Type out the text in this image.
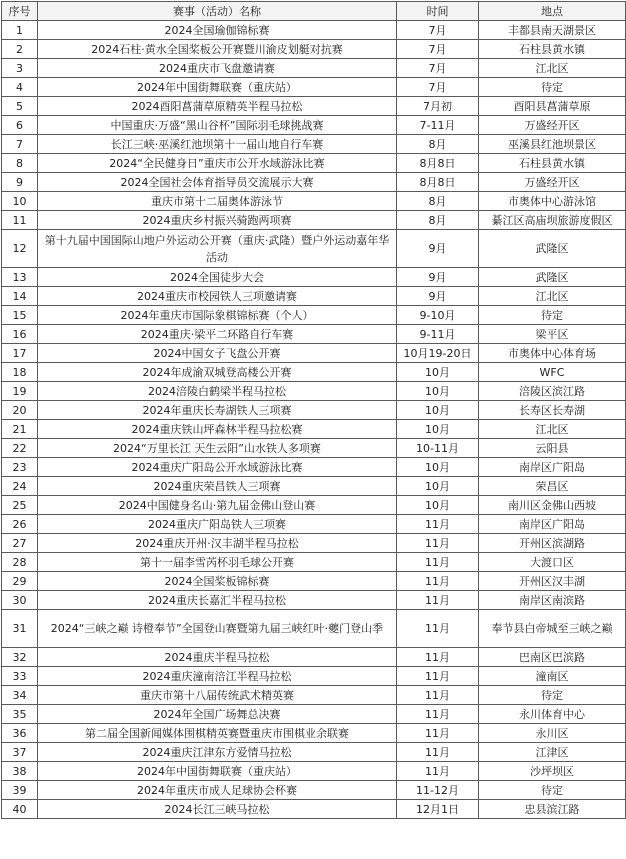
序号	赛事（活动）名称	时间	地点
1	2024全国瑜伽锦标赛	7月	丰都县南天湖景区
2	2024石柱·黄水全国桨板公开赛暨川渝皮划艇对抗赛	7月	石柱县黄水镇
3	2024重庆市飞盘邀请赛	7月	江北区
4	2024年中国街舞联赛（重庆站）	7月	待定
5	2024酉阳菖蒲草原精英半程马拉松	7月初	酉阳县菖蒲草原
6	中国重庆·万盛“黑山谷杯”国际羽毛球挑战赛	7-11月	万盛经开区
7	长江三峡·巫溪红池坝第十一届山地自行车赛	8月	巫溪县红池坝景区
8	2024“全民健身日”重庆市公开水域游泳比赛	8月8日	石柱县黄水镇
9	2024全国社会体育指导员交流展示大赛	8月8日	万盛经开区
10	重庆市第十二届奥体游泳节	8月	市奥体中心游泳馆
11	2024重庆乡村振兴骑跑两项赛	8月	綦江区高庙坝旅游度假区
12	第十九届中国国际山地户外运动公开赛（重庆·武隆）暨户外运动嘉年华活动	9月	武隆区
13	2024全国徒步大会	9月	武隆区
14	2024重庆市校园铁人三项邀请赛	9月	江北区
15	2024年重庆市国际象棋锦标赛（个人）	9-10月	待定
16	2024重庆·梁平二环路自行车赛	9-11月	梁平区
17	2024中国女子飞盘公开赛	10月19-20日	市奥体中心体育场
18	2024年成渝双城登高楼公开赛	10月	WFC
19	2024涪陵白鹤梁半程马拉松	10月	涪陵区滨江路
20	2024年重庆长寿湖铁人三项赛	10月	长寿区长寿湖
21	2024重庆铁山坪森林半程马拉松赛	10月	江北区
22	2024“万里长江 天生云阳”山水铁人多项赛	10-11月	云阳县
23	2024重庆广阳岛公开水域游泳比赛	10月	南岸区广阳岛
24	2024重庆荣昌铁人三项赛	10月	荣昌区
25	2024中国健身名山·第九届金佛山登山赛	10月	南川区金佛山西坡
26	2024重庆广阳岛铁人三项赛	11月	南岸区广阳岛
27	2024重庆开州·汉丰湖半程马拉松	11月	开州区滨湖路
28	第十一届李雪芮杯羽毛球公开赛	11月	大渡口区
29	2024全国桨板锦标赛	11月	开州区汉丰湖
30	2024重庆长嘉汇半程马拉松	11月	南岸区南滨路
31	2024“三峡之巅 诗橙奉节”全国登山赛暨第九届三峡红叶·夔门登山季	11月	奉节县白帝城至三峡之巅
32	2024重庆半程马拉松	11月	巴南区巴滨路
33	2024重庆潼南涪江半程马拉松	11月	潼南区
34	重庆市第十八届传统武术精英赛	11月	待定
35	2024年全国广场舞总决赛	11月	永川体育中心
36	第二届全国新闻媒体围棋精英赛暨重庆市围棋业余联赛	11月	永川区
37	2024重庆江津东方爱情马拉松	11月	江津区
38	2024年中国街舞联赛（重庆站）	11月	沙坪坝区
39	2024年重庆市成人足球协会杯赛	11-12月	待定
40	2024长江三峡马拉松	12月1日	忠县滨江路
